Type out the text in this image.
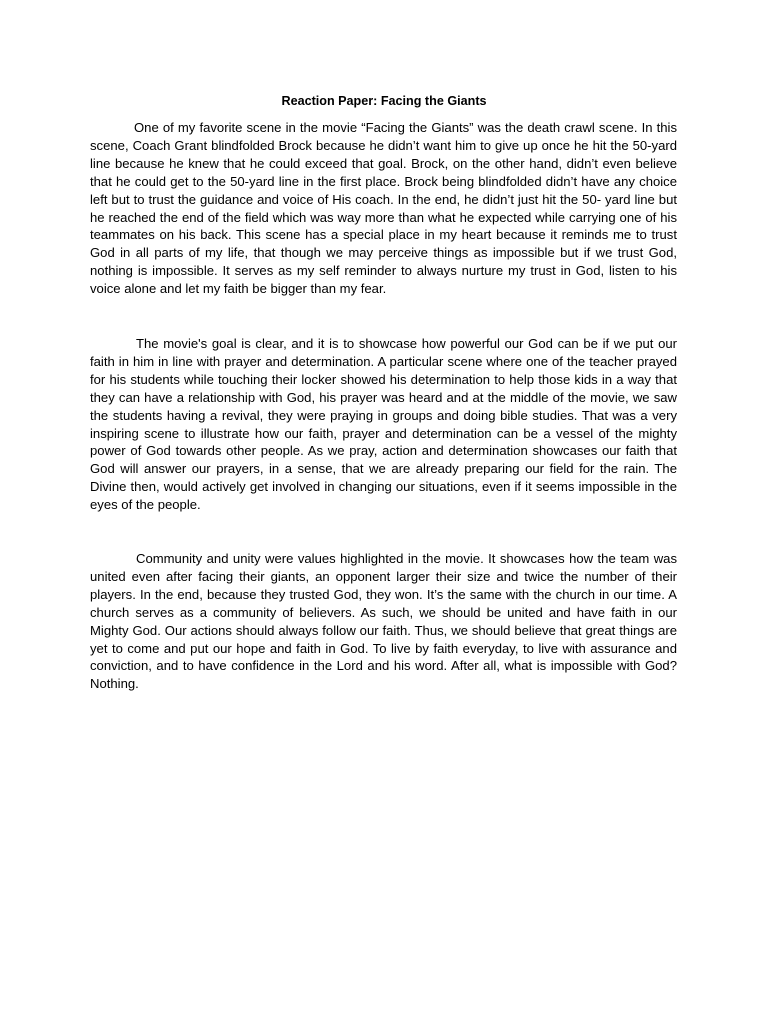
Reaction Paper: Facing the Giants

One of my favorite scene in the movie “Facing the Giants” was the death crawl scene. In this scene, Coach Grant blindfolded Brock because he didn’t want him to give up once he hit the 50-yard line because he knew that he could exceed that goal. Brock, on the other hand, didn’t even believe that he could get to the 50-yard line in the first place. Brock being blindfolded didn’t have any choice left but to trust the guidance and voice of His coach. In the end, he didn’t just hit the 50- yard line but he reached the end of the field which was way more than what he expected while carrying one of his teammates on his back. This scene has a special place in my heart because it reminds me to trust God in all parts of my life, that though we may perceive things as impossible but if we trust God, nothing is impossible. It serves as my self reminder to always nurture my trust in God, listen to his voice alone and let my faith be bigger than my fear.

The movie's goal is clear, and it is to showcase how powerful our God can be if we put our faith in him in line with prayer and determination. A particular scene where one of the teacher prayed for his students while touching their locker showed his determination to help those kids in a way that they can have a relationship with God, his prayer was heard and at the middle of the movie, we saw the students having a revival, they were praying in groups and doing bible studies. That was a very inspiring scene to illustrate how our faith, prayer and determination can be a vessel of the mighty power of God towards other people. As we pray, action and determination showcases our faith that God will answer our prayers, in a sense, that we are already preparing our field for the rain. The Divine then, would actively get involved in changing our situations, even if it seems impossible in the eyes of the people.

Community and unity were values highlighted in the movie. It showcases how the team was united even after facing their giants, an opponent larger their size and twice the number of their players. In the end, because they trusted God, they won. It’s the same with the church in our time. A church serves as a community of believers. As such, we should be united and have faith in our Mighty God. Our actions should always follow our faith. Thus, we should believe that great things are yet to come and put our hope and faith in God. To live by faith everyday, to live with assurance and conviction, and to have confidence in the Lord and his word. After all, what is impossible with God? Nothing.
